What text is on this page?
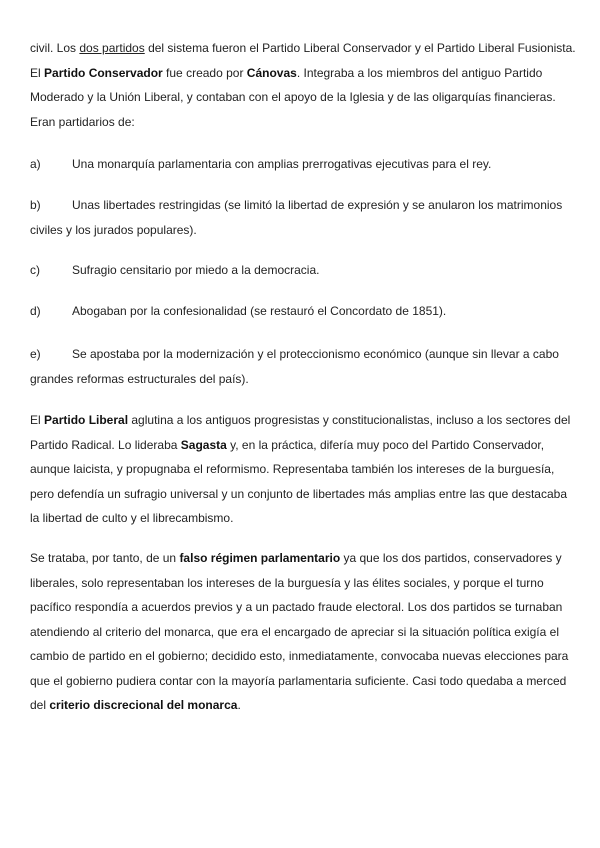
civil. Los dos partidos del sistema fueron el Partido Liberal Conservador y el Partido Liberal Fusionista. El Partido Conservador fue creado por Cánovas. Integraba a los miembros del antiguo Partido Moderado y la Unión Liberal, y contaban con el apoyo de la Iglesia y de las oligarquías financieras. Eran partidarios de:

a)	Una monarquía parlamentaria con amplias prerrogativas ejecutivas para el rey.

b)	Unas libertades restringidas (se limitó la libertad de expresión y se anularon los matrimonios civiles y los jurados populares).

c)	Sufragio censitario por miedo a la democracia.

d)	Abogaban por la confesionalidad (se restauró el Concordato de 1851).

e)	Se apostaba por la modernización y el proteccionismo económico (aunque sin llevar a cabo grandes reformas estructurales del país).

El Partido Liberal aglutina a los antiguos progresistas y constitucionalistas, incluso a los sectores del Partido Radical. Lo lideraba Sagasta y, en la práctica, difería muy poco del Partido Conservador, aunque laicista, y propugnaba el reformismo. Representaba también los intereses de la burguesía, pero defendía un sufragio universal y un conjunto de libertades más amplias entre las que destacaba la libertad de culto y el librecambismo.

Se trataba, por tanto, de un falso régimen parlamentario ya que los dos partidos, conservadores y liberales, solo representaban los intereses de la burguesía y las élites sociales, y porque el turno pacífico respondía a acuerdos previos y a un pactado fraude electoral. Los dos partidos se turnaban atendiendo al criterio del monarca, que era el encargado de apreciar si la situación política exigía el cambio de partido en el gobierno; decidido esto, inmediatamente, convocaba nuevas elecciones para que el gobierno pudiera contar con la mayoría parlamentaria suficiente. Casi todo quedaba a merced del criterio discrecional del monarca.
